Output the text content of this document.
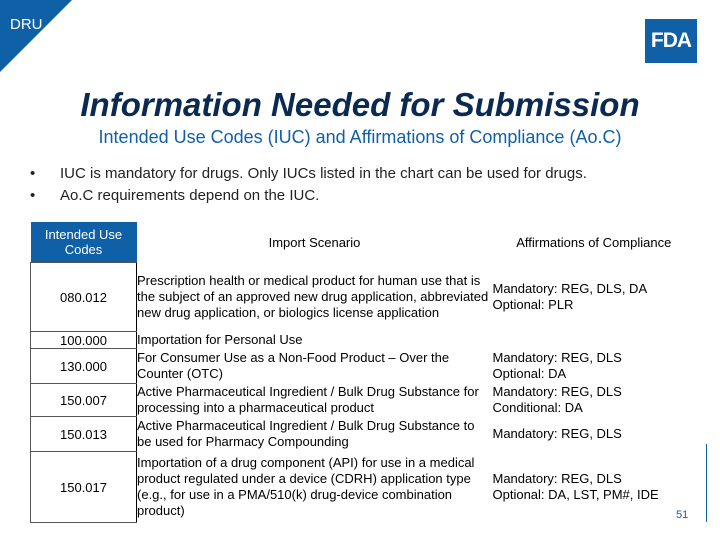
DRU
FDA
Information Needed for Submission
Intended Use Codes (IUC) and Affirmations of Compliance (Ao.C)
• IUC is mandatory for drugs. Only IUCs listed in the chart can be used for drugs.
• Ao.C requirements depend on the IUC.
Intended Use Codes	Import Scenario	Affirmations of Compliance
080.012	Prescription health or medical product for human use that is the subject of an approved new drug application, abbreviated new drug application, or biologics license application	Mandatory: REG, DLS, DA
Optional: PLR
100.000	Importation for Personal Use	
130.000	For Consumer Use as a Non-Food Product – Over the Counter (OTC)	Mandatory: REG, DLS
Optional: DA
150.007	Active Pharmaceutical Ingredient / Bulk Drug Substance for processing into a pharmaceutical product	Mandatory: REG, DLS
Conditional: DA
150.013	Active Pharmaceutical Ingredient / Bulk Drug Substance to be used for Pharmacy Compounding	Mandatory: REG, DLS
150.017	Importation of a drug component (API) for use in a medical product regulated under a device (CDRH) application type (e.g., for use in a PMA/510(k) drug-device combination product)	Mandatory: REG, DLS
Optional: DA, LST, PM#, IDE
51
